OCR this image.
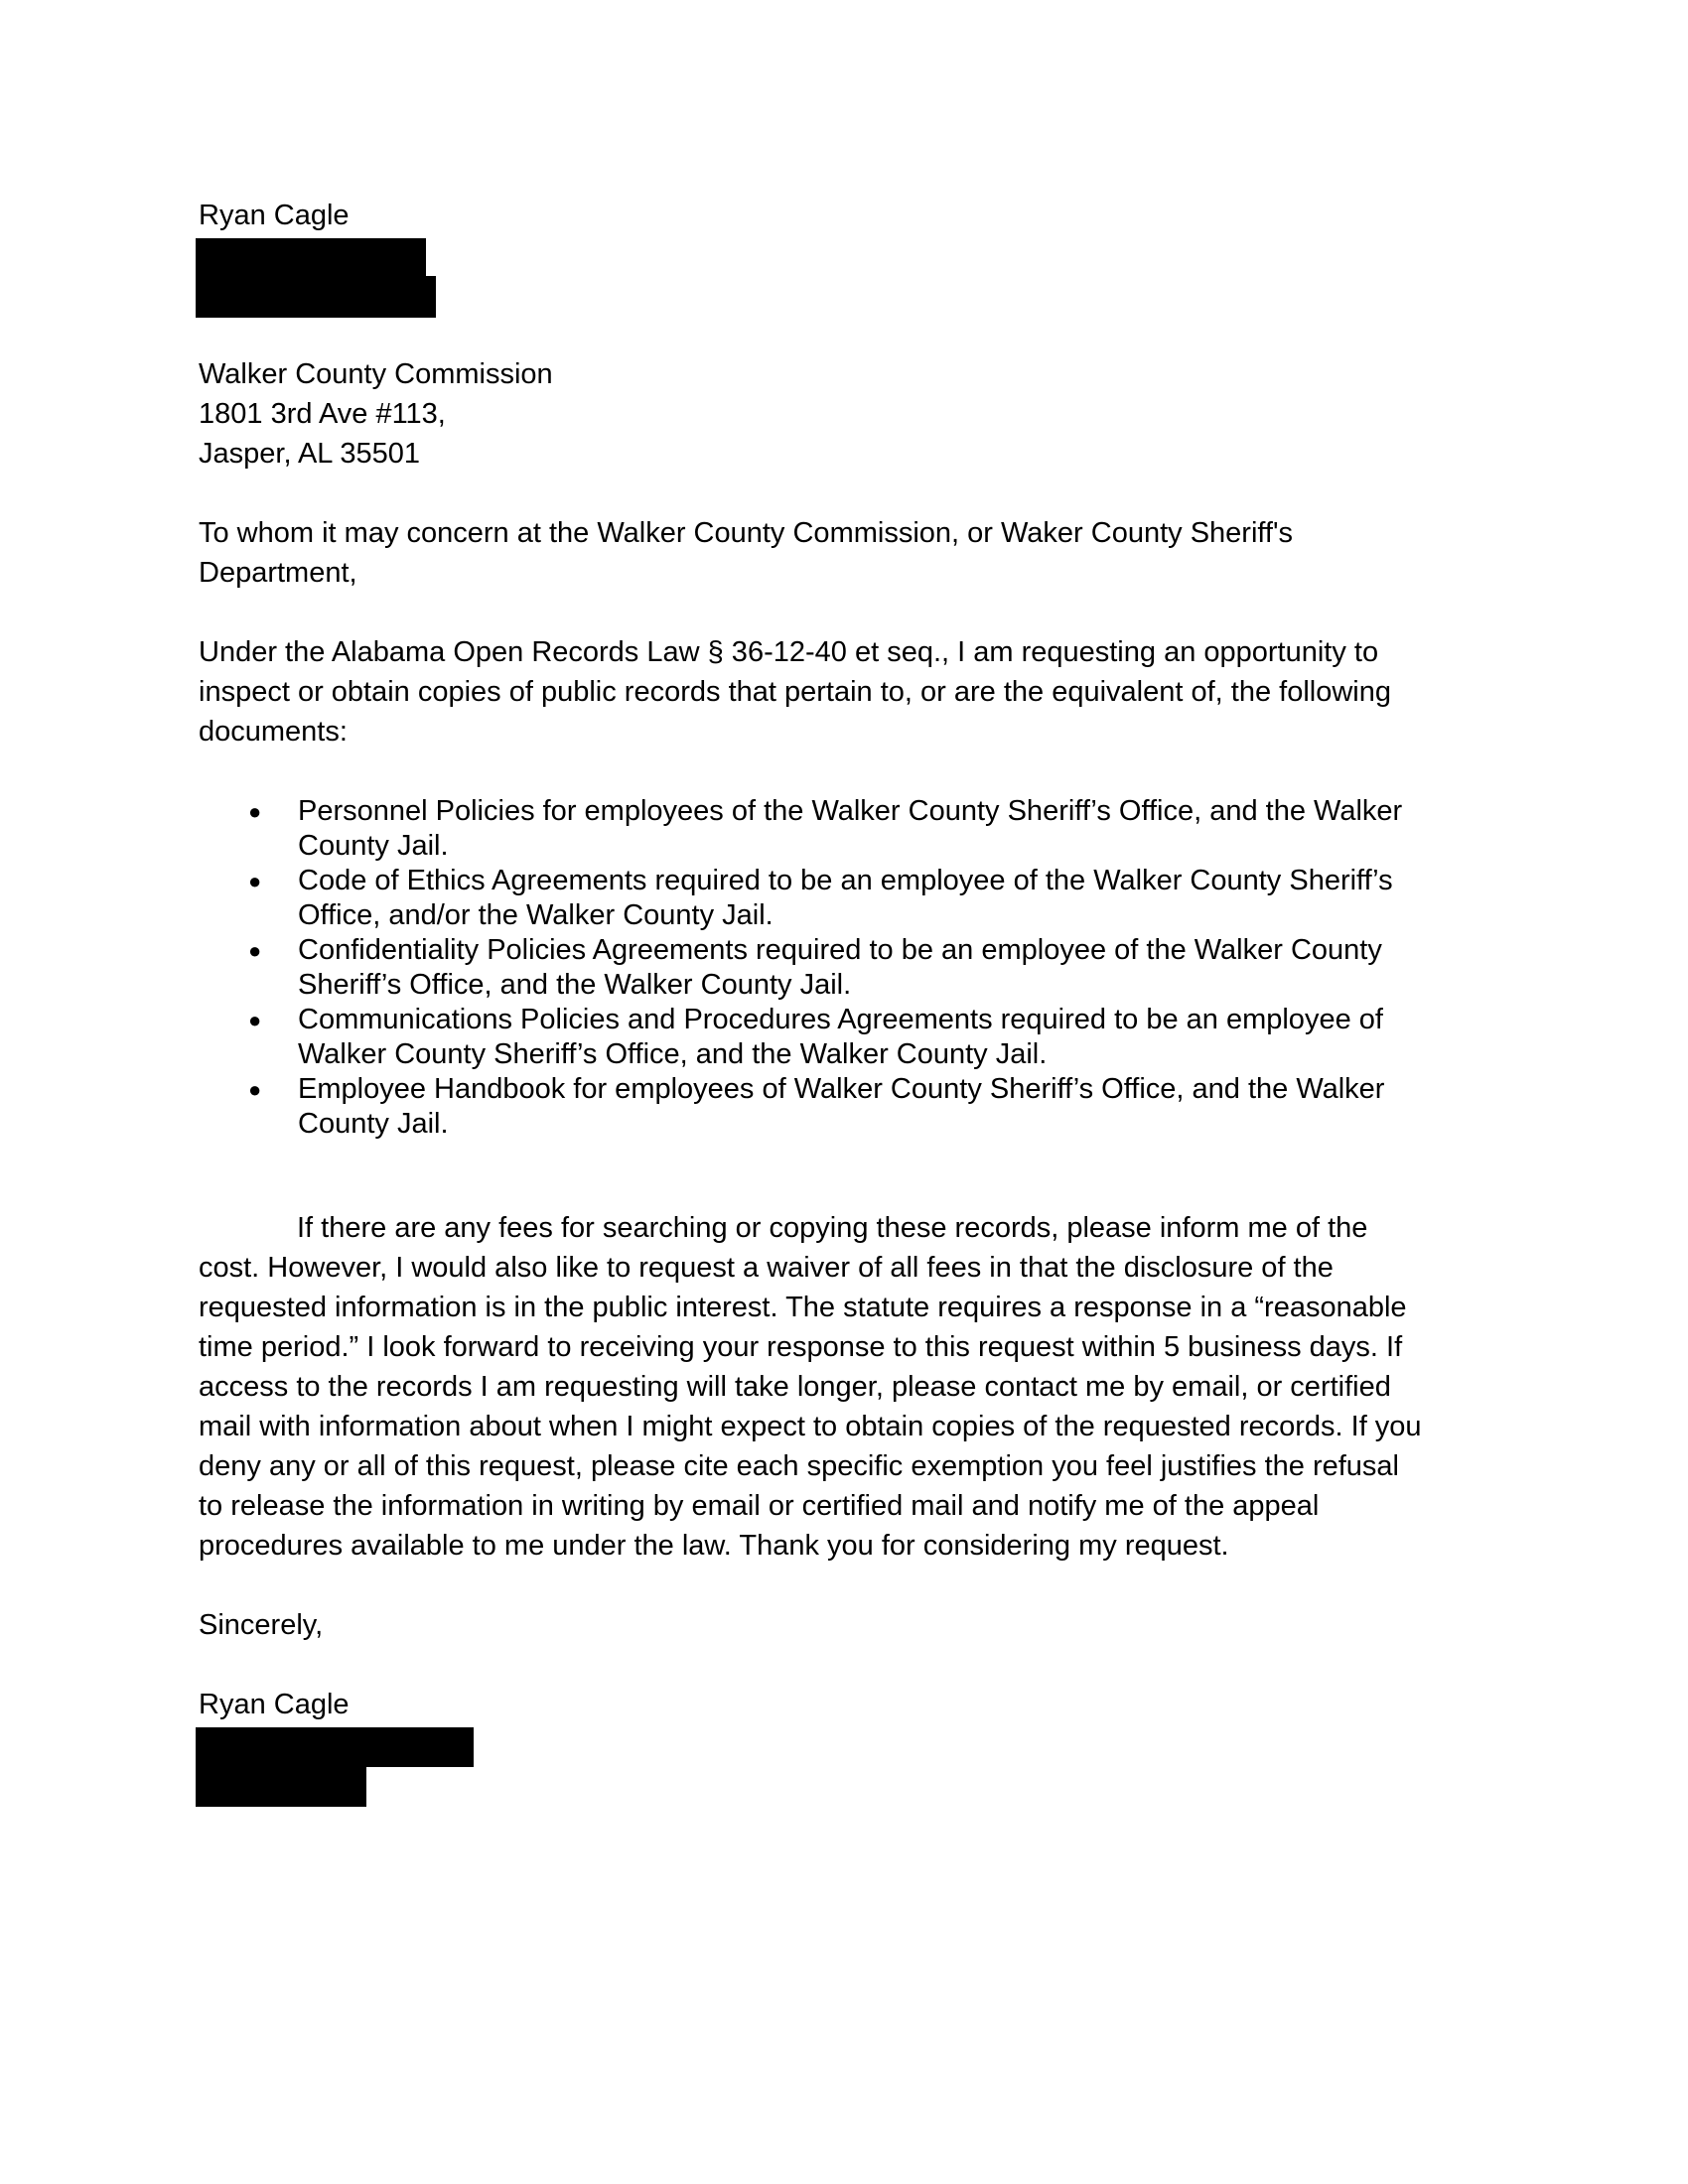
Ryan Cagle
Walker County Commission
1801 3rd Ave #113,
Jasper, AL 35501
To whom it may concern at the Walker County Commission, or Waker County Sheriff's
Department,
Under the Alabama Open Records Law § 36-12-40 et seq., I am requesting an opportunity to
inspect or obtain copies of public records that pertain to, or are the equivalent of, the following
documents:
● Personnel Policies for employees of the Walker County Sheriff’s Office, and the Walker
County Jail.
● Code of Ethics Agreements required to be an employee of the Walker County Sheriff’s
Office, and/or the Walker County Jail.
● Confidentiality Policies Agreements required to be an employee of the Walker County
Sheriff’s Office, and the Walker County Jail.
● Communications Policies and Procedures Agreements required to be an employee of
Walker County Sheriff’s Office, and the Walker County Jail.
● Employee Handbook for employees of Walker County Sheriff’s Office, and the Walker
County Jail.
If there are any fees for searching or copying these records, please inform me of the
cost. However, I would also like to request a waiver of all fees in that the disclosure of the
requested information is in the public interest. The statute requires a response in a “reasonable
time period.” I look forward to receiving your response to this request within 5 business days. If
access to the records I am requesting will take longer, please contact me by email, or certified
mail with information about when I might expect to obtain copies of the requested records. If you
deny any or all of this request, please cite each specific exemption you feel justifies the refusal
to release the information in writing by email or certified mail and notify me of the appeal
procedures available to me under the law. Thank you for considering my request.
Sincerely,
Ryan Cagle
